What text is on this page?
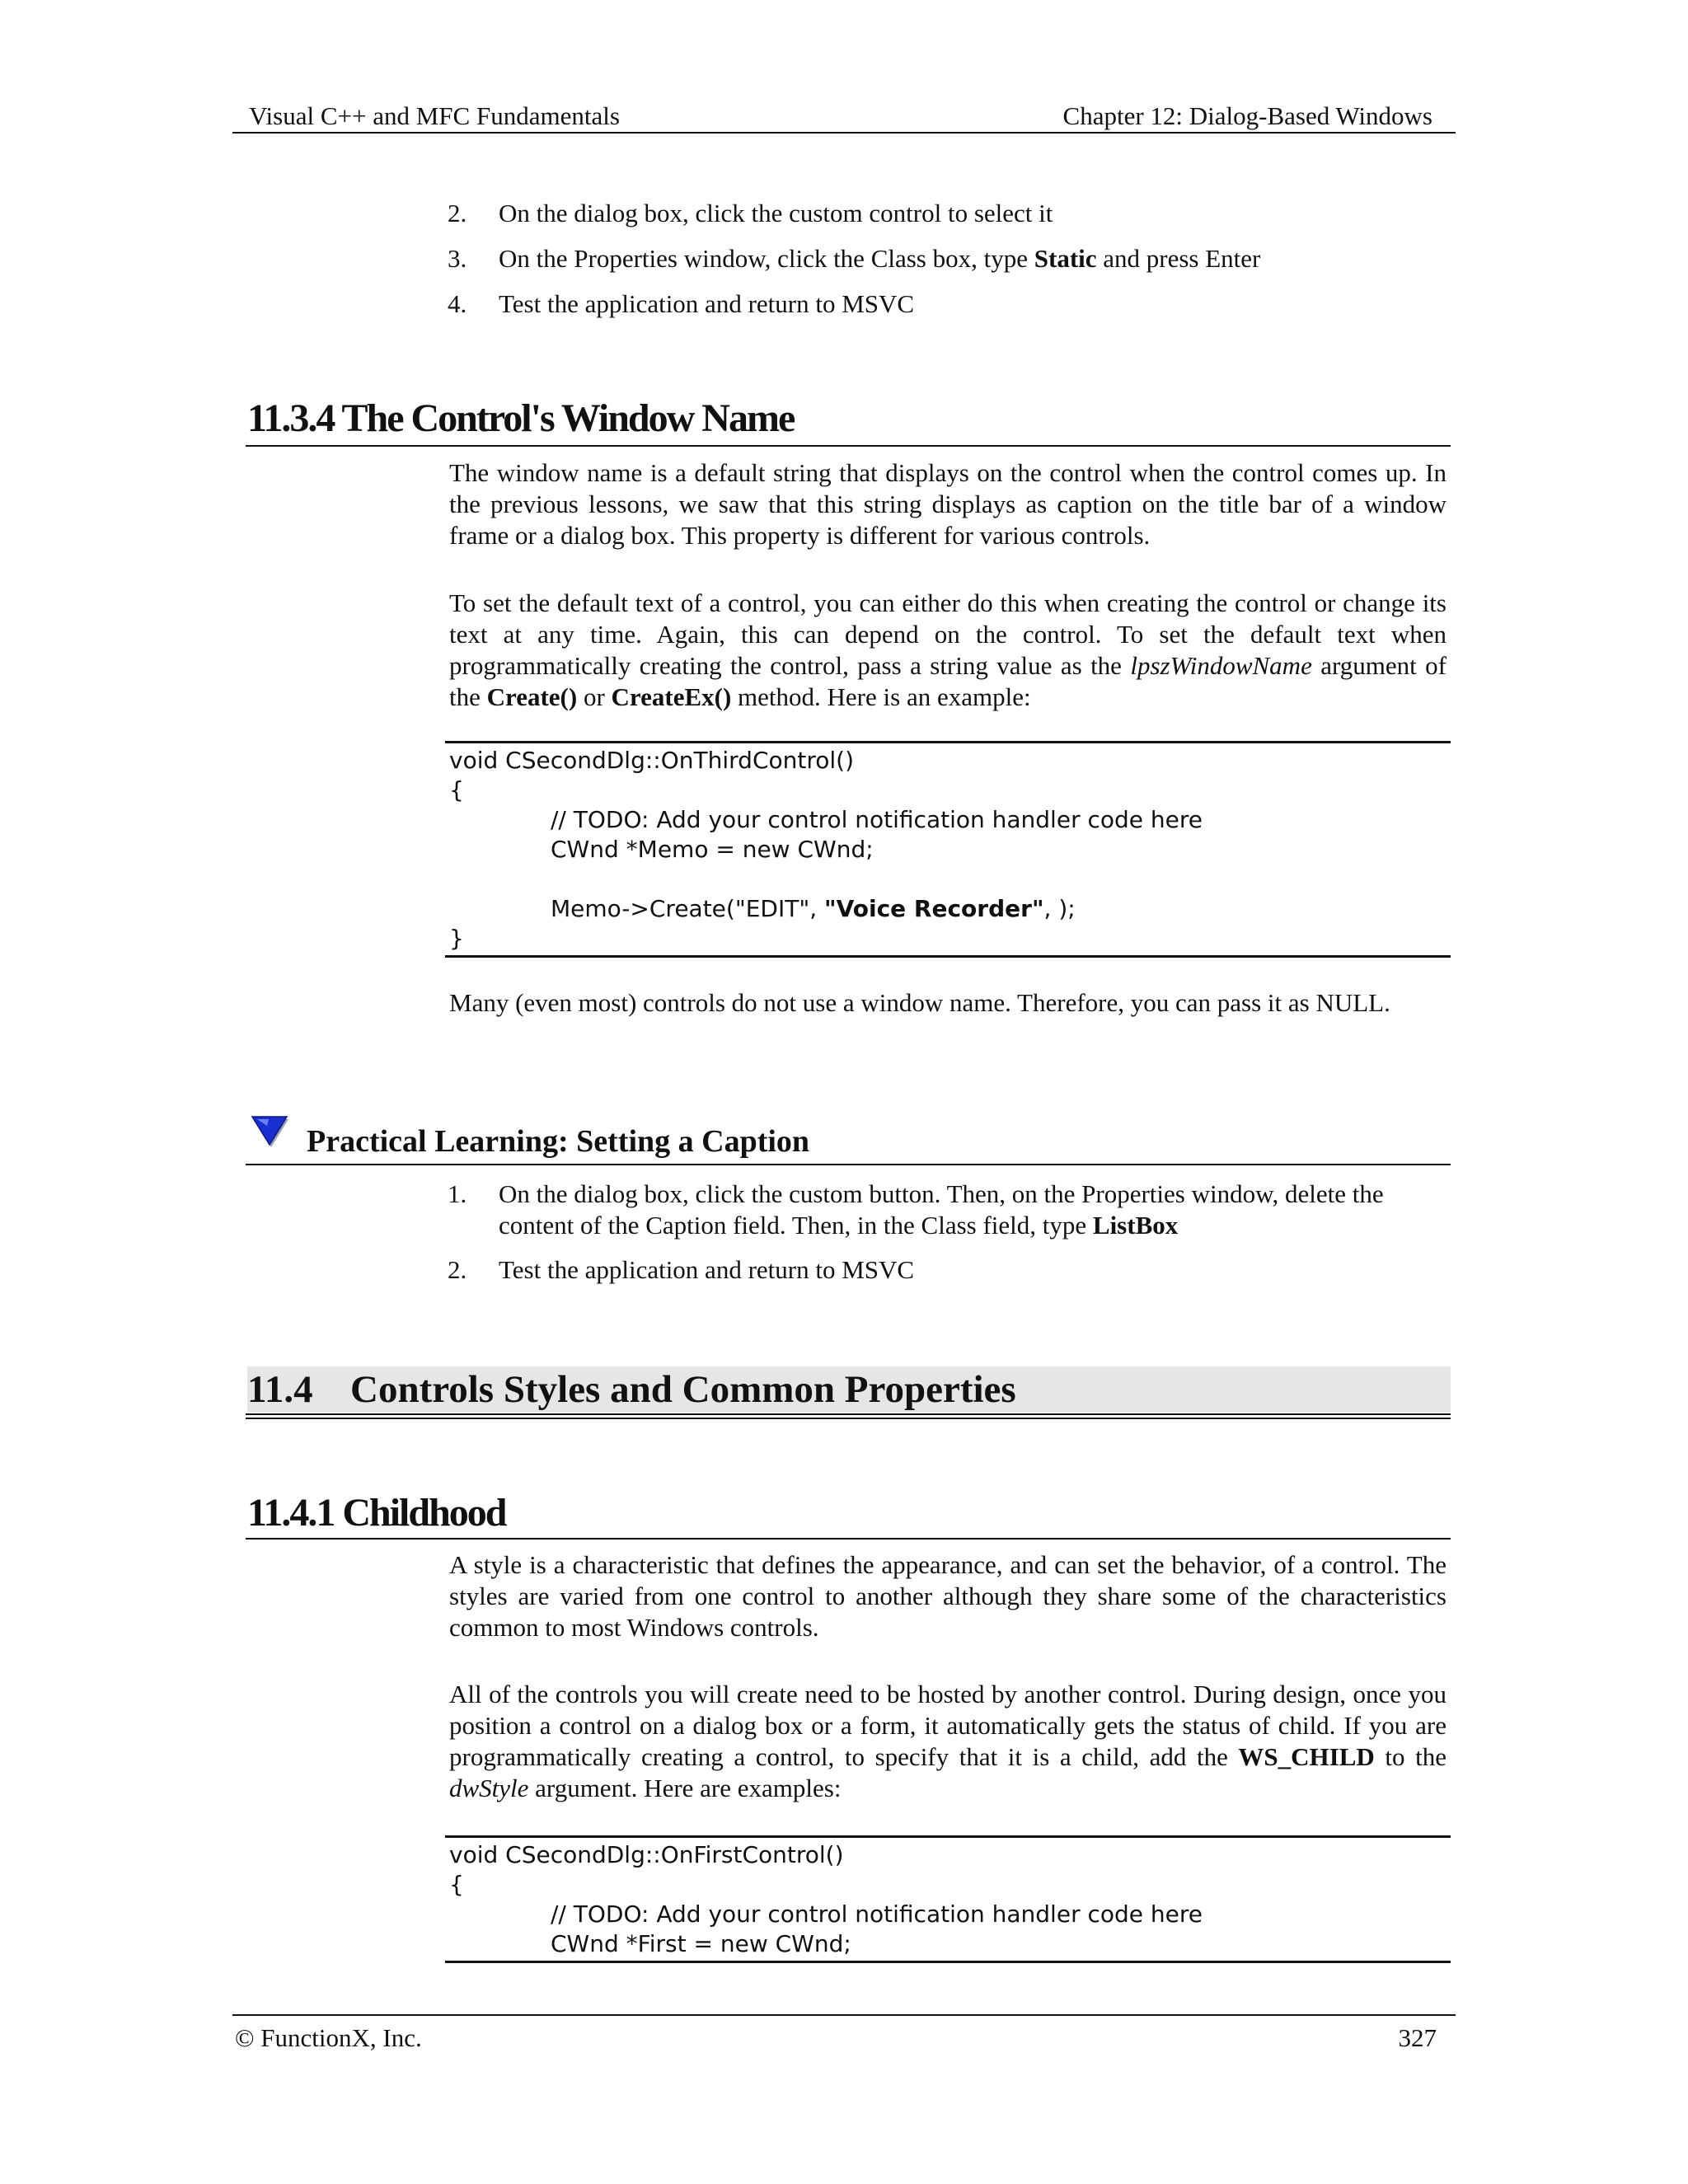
Visual C++ and MFC Fundamentals	Chapter 12: Dialog-Based Windows
2. On the dialog box, click the custom control to select it
3. On the Properties window, click the Class box, type Static and press Enter
4. Test the application and return to MSVC
11.3.4 The Control's Window Name
The window name is a default string that displays on the control when the control comes up. In the previous lessons, we saw that this string displays as caption on the title bar of a window frame or a dialog box. This property is different for various controls.
To set the default text of a control, you can either do this when creating the control or change its text at any time. Again, this can depend on the control. To set the default text when programmatically creating the control, pass a string value as the lpszWindowName argument of the Create() or CreateEx() method. Here is an example:
void CSecondDlg::OnThirdControl()
{
// TODO: Add your control notification handler code here
CWnd *Memo = new CWnd;
Memo->Create("EDIT", "Voice Recorder", );
}
Many (even most) controls do not use a window name. Therefore, you can pass it as NULL.
Practical Learning: Setting a Caption
1. On the dialog box, click the custom button. Then, on the Properties window, delete the content of the Caption field. Then, in the Class field, type ListBox
2. Test the application and return to MSVC
11.4 Controls Styles and Common Properties
11.4.1 Childhood
A style is a characteristic that defines the appearance, and can set the behavior, of a control. The styles are varied from one control to another although they share some of the characteristics common to most Windows controls.
All of the controls you will create need to be hosted by another control. During design, once you position a control on a dialog box or a form, it automatically gets the status of child. If you are programmatically creating a control, to specify that it is a child, add the WS_CHILD to the dwStyle argument. Here are examples:
void CSecondDlg::OnFirstControl()
{
// TODO: Add your control notification handler code here
CWnd *First = new CWnd;
© FunctionX, Inc.	327
